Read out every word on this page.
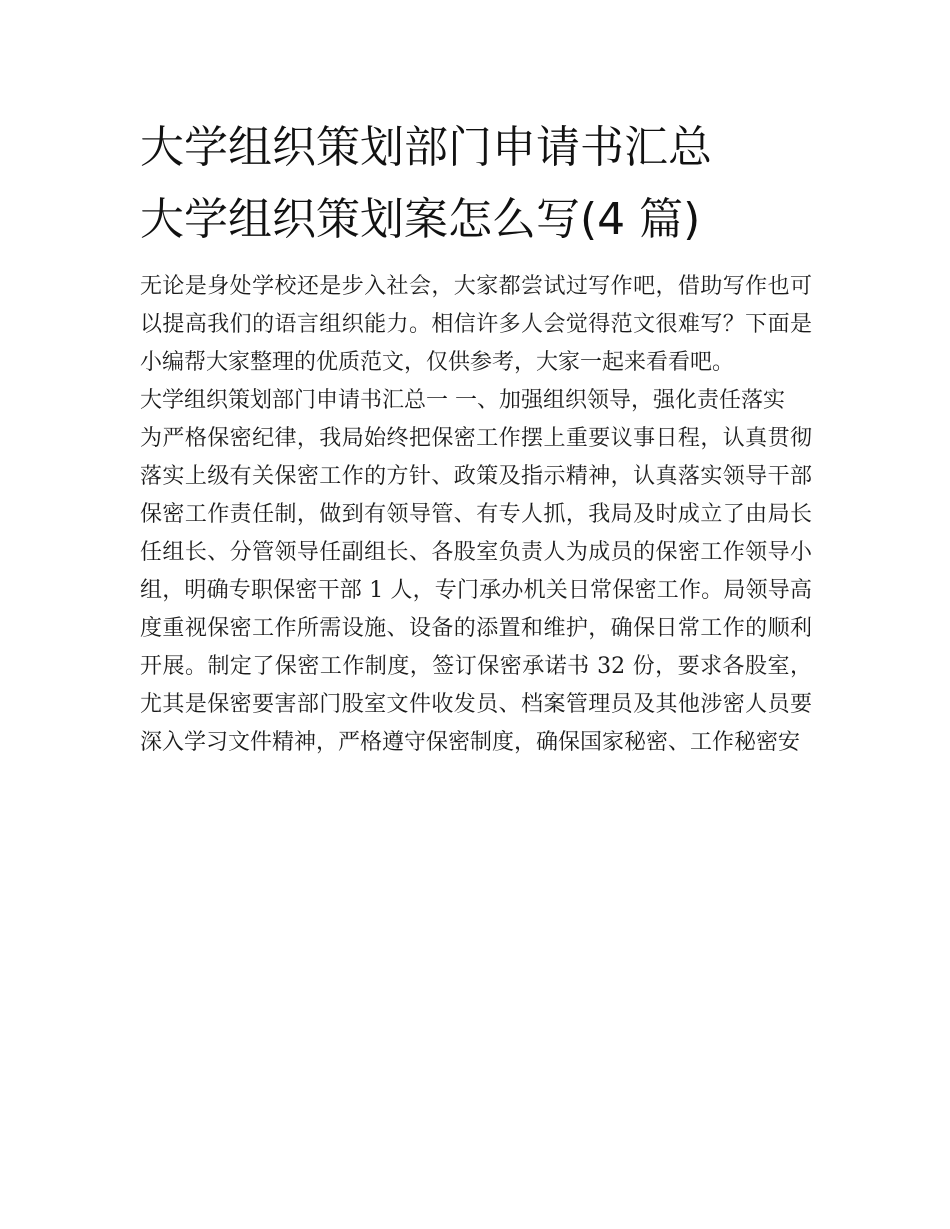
大学组织策划部门申请书汇总
大学组织策划案怎么写(4 篇)

无论是身处学校还是步入社会，大家都尝试过写作吧，借助写作也可以提高我们的语言组织能力。相信许多人会觉得范文很难写？下面是小编帮大家整理的优质范文，仅供参考，大家一起来看看吧。

大学组织策划部门申请书汇总一 一、加强组织领导，强化责任落实

为严格保密纪律，我局始终把保密工作摆上重要议事日程，认真贯彻落实上级有关保密工作的方针、政策及指示精神，认真落实领导干部保密工作责任制，做到有领导管、有专人抓，我局及时成立了由局长任组长、分管领导任副组长、各股室负责人为成员的保密工作领导小组，明确专职保密干部 1 人，专门承办机关日常保密工作。局领导高度重视保密工作所需设施、设备的添置和维护，确保日常工作的顺利开展。制定了保密工作制度，签订保密承诺书 32 份，要求各股室，尤其是保密要害部门股室文件收发员、档案管理员及其他涉密人员要深入学习文件精神，严格遵守保密制度，确保国家秘密、工作秘密安
